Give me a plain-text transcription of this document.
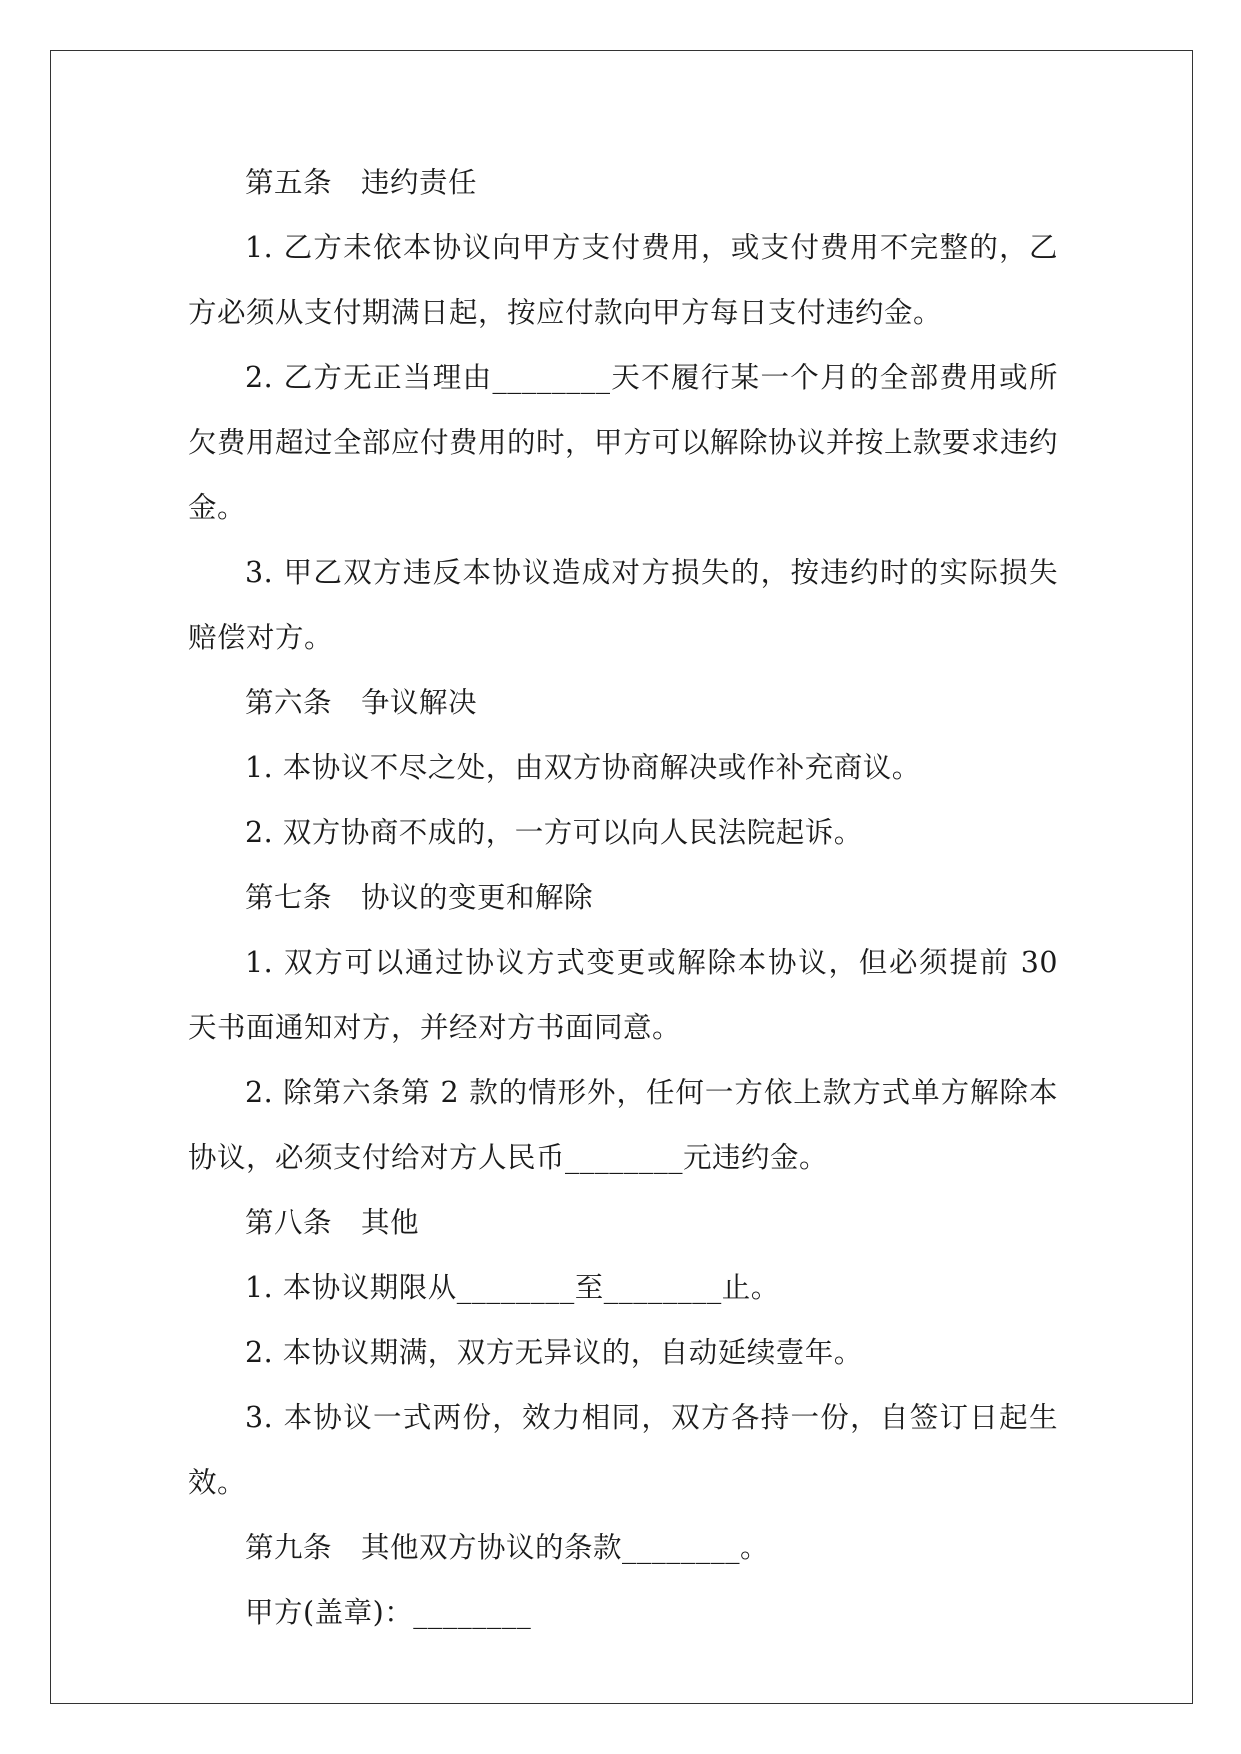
第五条　违约责任

1. 乙方未依本协议向甲方支付费用，或支付费用不完整的，乙方必须从支付期满日起，按应付款向甲方每日支付违约金。

2. 乙方无正当理由________天不履行某一个月的全部费用或所欠费用超过全部应付费用的时，甲方可以解除协议并按上款要求违约金。

3. 甲乙双方违反本协议造成对方损失的，按违约时的实际损失赔偿对方。

第六条　争议解决

1. 本协议不尽之处，由双方协商解决或作补充商议。

2. 双方协商不成的，一方可以向人民法院起诉。

第七条　协议的变更和解除

1. 双方可以通过协议方式变更或解除本协议，但必须提前 30 天书面通知对方，并经对方书面同意。

2. 除第六条第 2 款的情形外，任何一方依上款方式单方解除本协议，必须支付给对方人民币________元违约金。

第八条　其他

1. 本协议期限从________至________止。

2. 本协议期满，双方无异议的，自动延续壹年。

3. 本协议一式两份，效力相同，双方各持一份，自签订日起生效。

第九条　其他双方协议的条款________。

甲方(盖章)：________
